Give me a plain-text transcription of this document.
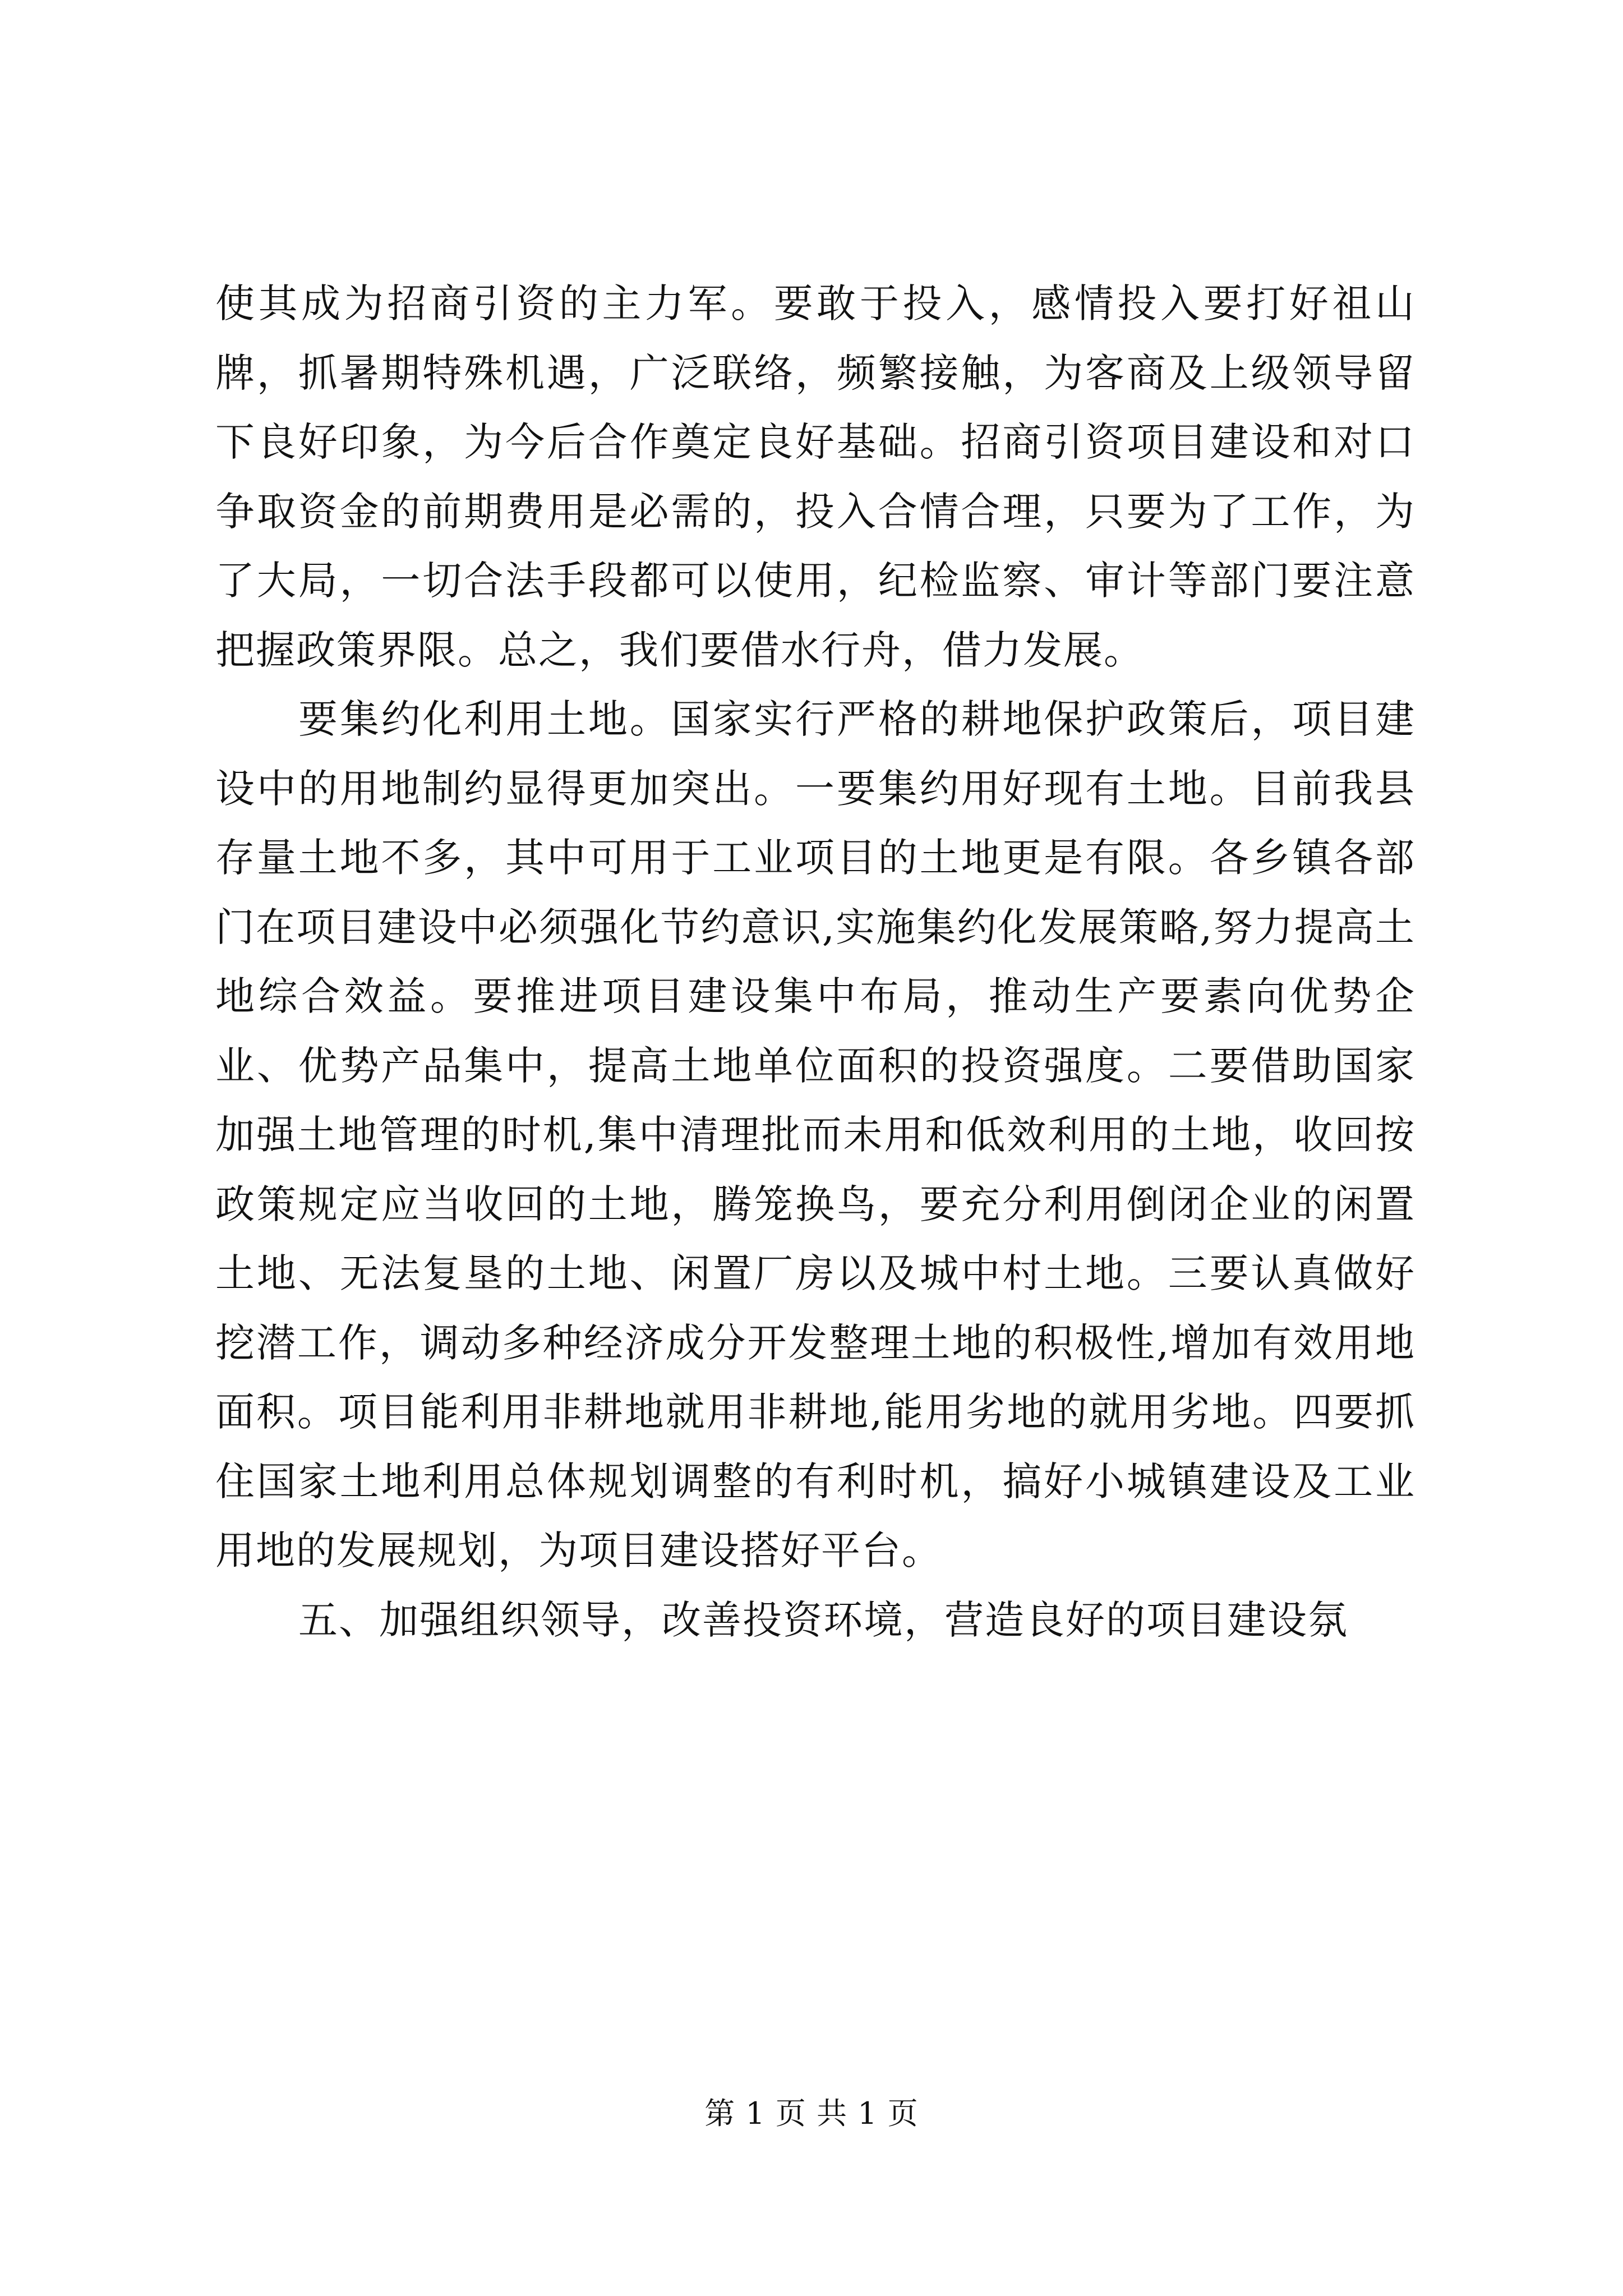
使其成为招商引资的主力军。要敢于投入，感情投入要打好祖山牌，抓暑期特殊机遇，广泛联络，频繁接触，为客商及上级领导留下良好印象，为今后合作奠定良好基础。招商引资项目建设和对口争取资金的前期费用是必需的，投入合情合理，只要为了工作，为了大局，一切合法手段都可以使用，纪检监察、审计等部门要注意把握政策界限。总之，我们要借水行舟，借力发展。

要集约化利用土地。国家实行严格的耕地保护政策后，项目建设中的用地制约显得更加突出。一要集约用好现有土地。目前我县存量土地不多，其中可用于工业项目的土地更是有限。各乡镇各部门在项目建设中必须强化节约意识,实施集约化发展策略,努力提高土地综合效益。要推进项目建设集中布局，推动生产要素向优势企业、优势产品集中，提高土地单位面积的投资强度。二要借助国家加强土地管理的时机,集中清理批而未用和低效利用的土地，收回按政策规定应当收回的土地，腾笼换鸟，要充分利用倒闭企业的闲置土地、无法复垦的土地、闲置厂房以及城中村土地。三要认真做好挖潜工作，调动多种经济成分开发整理土地的积极性,增加有效用地面积。项目能利用非耕地就用非耕地,能用劣地的就用劣地。四要抓住国家土地利用总体规划调整的有利时机，搞好小城镇建设及工业用地的发展规划，为项目建设搭好平台。

五、加强组织领导，改善投资环境，营造良好的项目建设氛

第 1 页 共 1 页
